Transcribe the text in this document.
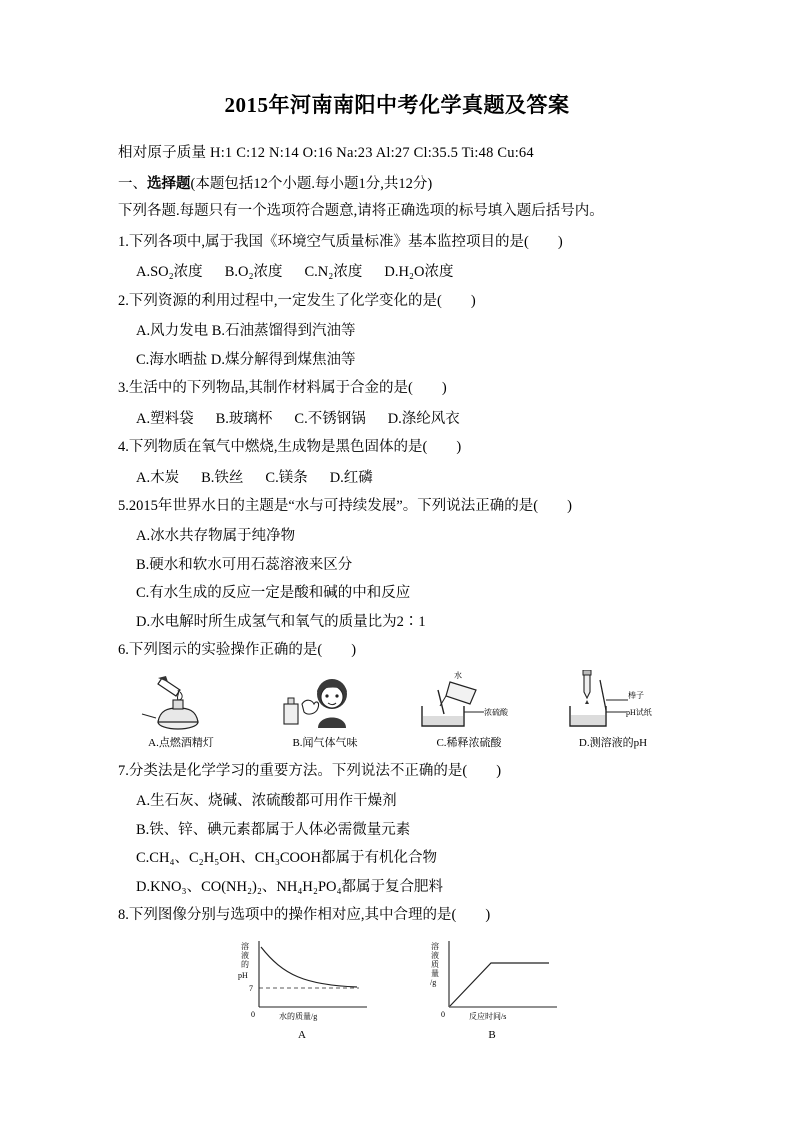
2015年河南南阳中考化学真题及答案
相对原子质量 H:1 C:12 N:14 O:16 Na:23 Al:27 Cl:35.5 Ti:48 Cu:64
一、选择题(本题包括12个小题.每小题1分,共12分)
下列各题.每题只有一个选项符合题意,请将正确选项的标号填入题后括号内。
1.下列各项中,属于我国《环境空气质量标准》基本监控项目的是(        )
A.SO₂浓度 B.O₂浓度 C.N₂浓度 D.H₂O浓度
2.下列资源的利用过程中,一定发生了化学变化的是(        )
A.风力发电 B.石油蒸馏得到汽油等
C.海水晒盐 D.煤分解得到煤焦油等
3.生活中的下列物品,其制作材料属于合金的是(        )
A.塑料袋 B.玻璃杯 C.不锈钢锅 D.涤纶风衣
4.下列物质在氧气中燃烧,生成物是黑色固体的是(        )
A.木炭 B.铁丝 C.镁条 D.红磷
5.2015年世界水日的主题是“水与可持续发展”。下列说法正确的是(        )
A.冰水共存物属于纯净物
B.硬水和软水可用石蕊溶液来区分
C.有水生成的反应一定是酸和碱的中和反应
D.水电解时所生成氢气和氧气的质量比为2∶1
6.下列图示的实验操作正确的是(        )
A.点燃酒精灯	B.闻气体气味
水
浓硫酸
C.稀释浓硫酸
棒子
pH试纸
D.测溶液的pH
7.分类法是化学学习的重要方法。下列说法不正确的是(        )
A.生石灰、烧碱、浓硫酸都可用作干燥剂
B.铁、锌、碘元素都属于人体必需微量元素
C.CH₄、C₂H₅OH、CH₃COOH都属于有机化合物
D.KNO₃、CO(NH₂)₂、NH₄H₂PO₄都属于复合肥料
8.下列图像分别与选项中的操作相对应,其中合理的是(        )
溶
液
的
pH
7
0	水的质量/g
A
溶
液
质
量
/g
0	反应时间/s
B
